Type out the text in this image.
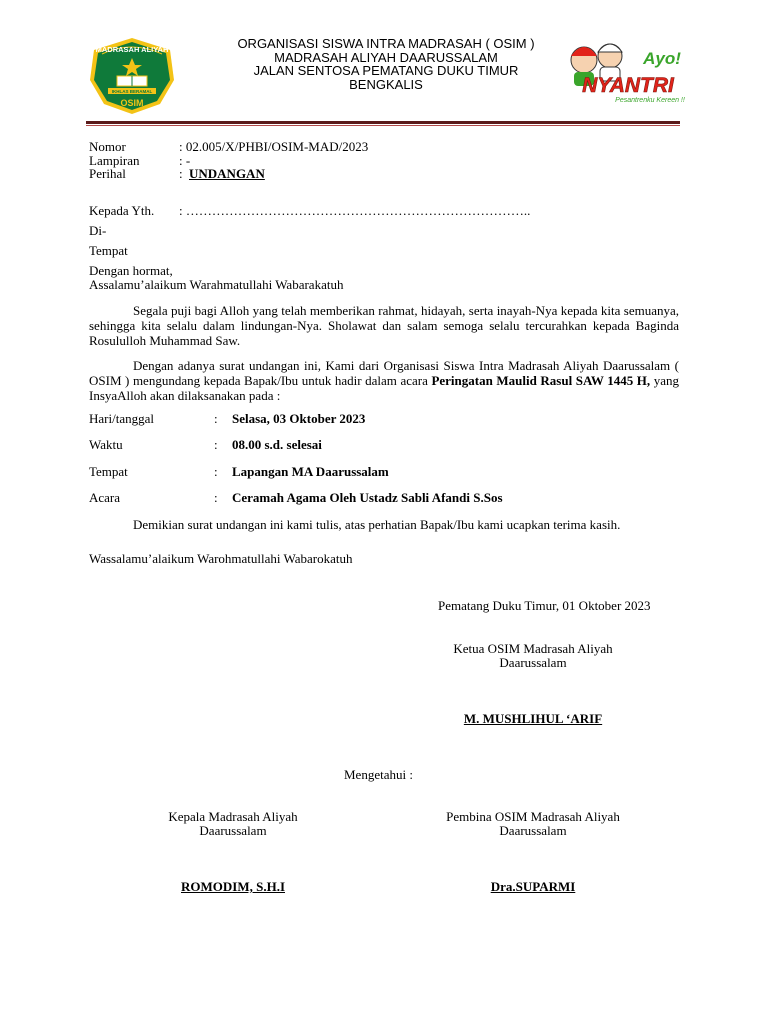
MADRASAH ALIYAH
IKHLAS BERAMAL
OSIM
ORGANISASI SISWA INTRA MADRASAH ( OSIM )
MADRASAH ALIYAH DAARUSSALAM
JALAN SENTOSA PEMATANG DUKU TIMUR
BENGKALIS
Ayo!
NYANTRI
Pesantrenku Kereen !!
Nomor	: 02.005/X/PHBI/OSIM-MAD/2023
Lampiran	: -
Perihal	: UNDANGAN
Kepada Yth. : ……………………………………………………………………..
Di-
Tempat
Dengan hormat,
Assalamu’alaikum Warahmatullahi Wabarakatuh
Segala puji bagi Alloh yang telah memberikan rahmat, hidayah, serta inayah-Nya kepada kita semuanya, sehingga kita selalu dalam lindungan-Nya. Sholawat dan salam semoga selalu tercurahkan kepada Baginda Rosululloh Muhammad Saw.
Dengan adanya surat undangan ini, Kami dari Organisasi Siswa Intra Madrasah Aliyah Daarussalam ( OSIM ) mengundang kepada Bapak/Ibu untuk hadir dalam acara Peringatan Maulid Rasul SAW 1445 H, yang InsyaAlloh akan dilaksanakan pada :
Hari/tanggal	: Selasa, 03 Oktober 2023
Waktu	: 08.00 s.d. selesai
Tempat	: Lapangan MA Daarussalam
Acara	: Ceramah Agama Oleh Ustadz Sabli Afandi S.Sos
Demikian surat undangan ini kami tulis, atas perhatian Bapak/Ibu kami ucapkan terima kasih.
Wassalamu’alaikum Warohmatullahi Wabarokatuh
Pematang Duku Timur, 01 Oktober 2023
Ketua OSIM Madrasah Aliyah
Daarussalam
M. MUSHLIHUL ‘ARIF
Mengetahui :
Kepala Madrasah Aliyah
Daarussalam
ROMODIM, S.H.I
Pembina OSIM Madrasah Aliyah
Daarussalam
Dra.SUPARMI
